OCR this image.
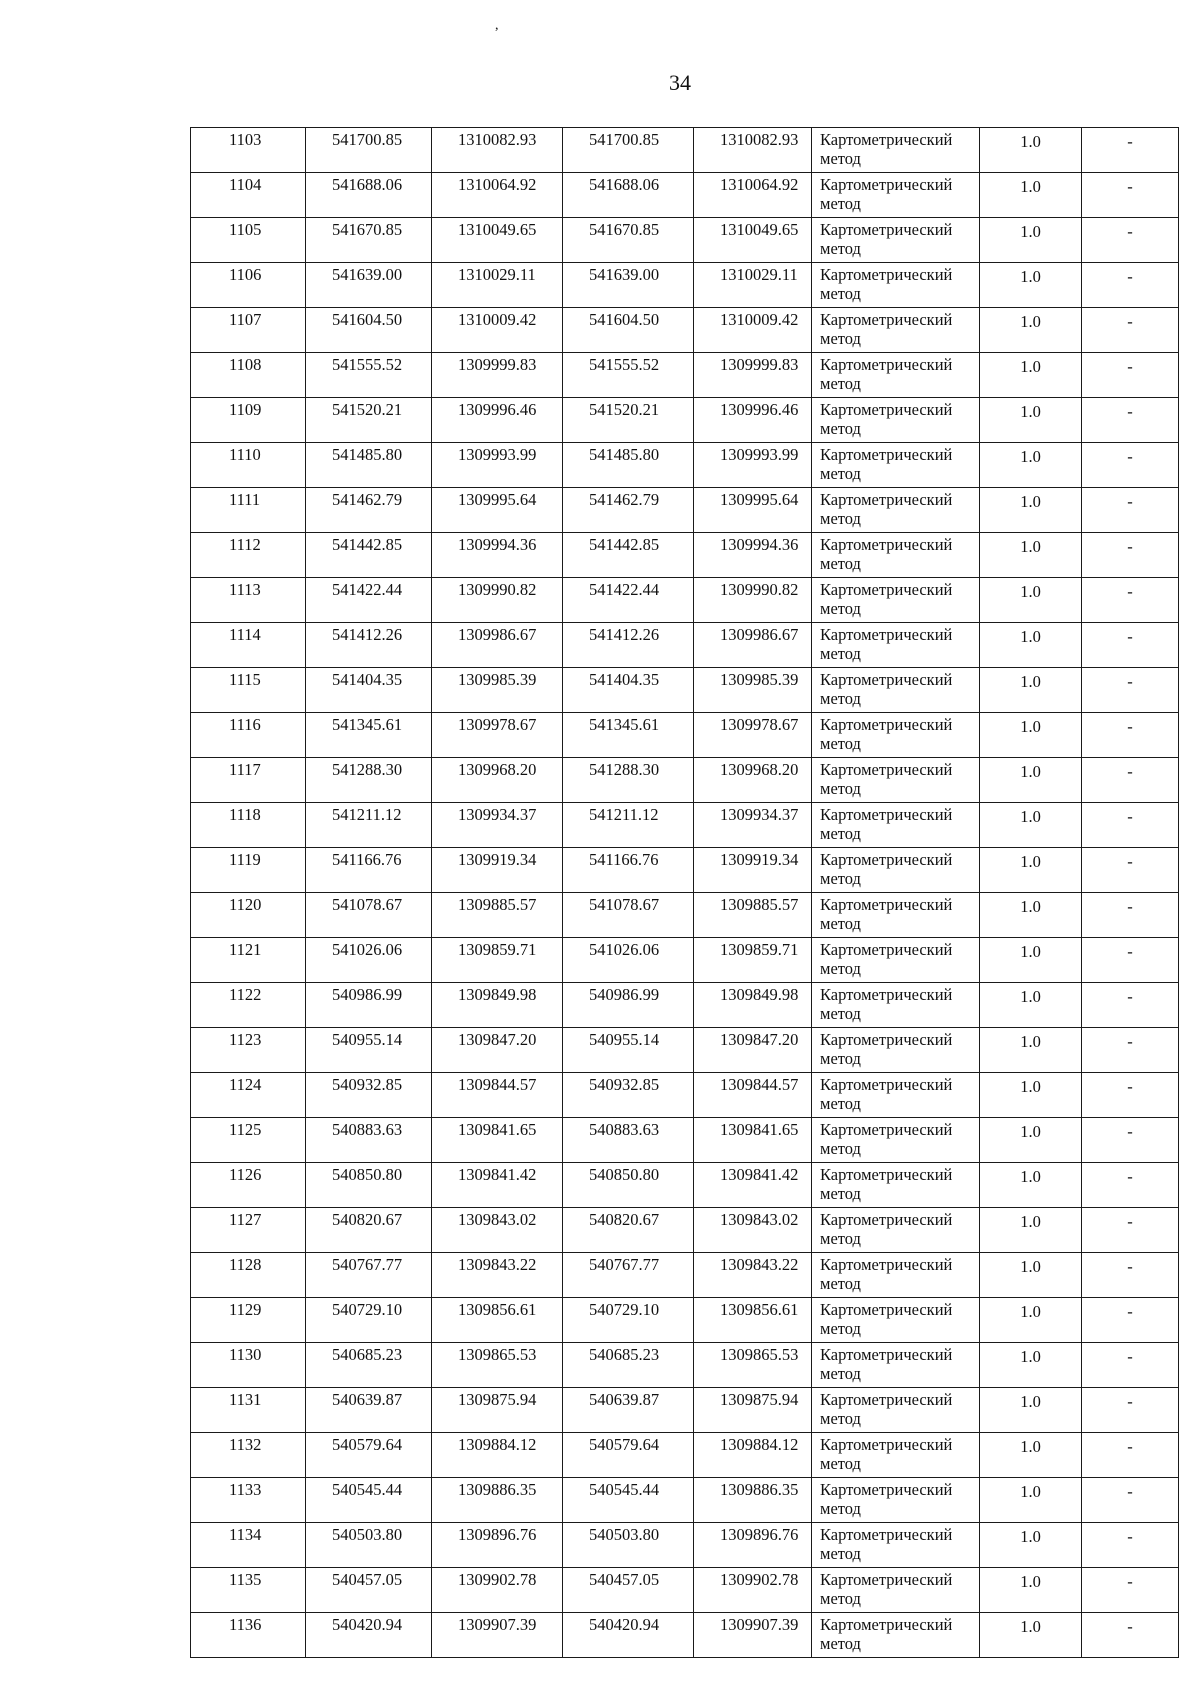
,
34
1103	541700.85	1310082.93	541700.85	1310082.93	Картометрический
метод	1.0	-
1104	541688.06	1310064.92	541688.06	1310064.92	Картометрический
метод	1.0	-
1105	541670.85	1310049.65	541670.85	1310049.65	Картометрический
метод	1.0	-
1106	541639.00	1310029.11	541639.00	1310029.11	Картометрический
метод	1.0	-
1107	541604.50	1310009.42	541604.50	1310009.42	Картометрический
метод	1.0	-
1108	541555.52	1309999.83	541555.52	1309999.83	Картометрический
метод	1.0	-
1109	541520.21	1309996.46	541520.21	1309996.46	Картометрический
метод	1.0	-
1110	541485.80	1309993.99	541485.80	1309993.99	Картометрический
метод	1.0	-
1111	541462.79	1309995.64	541462.79	1309995.64	Картометрический
метод	1.0	-
1112	541442.85	1309994.36	541442.85	1309994.36	Картометрический
метод	1.0	-
1113	541422.44	1309990.82	541422.44	1309990.82	Картометрический
метод	1.0	-
1114	541412.26	1309986.67	541412.26	1309986.67	Картометрический
метод	1.0	-
1115	541404.35	1309985.39	541404.35	1309985.39	Картометрический
метод	1.0	-
1116	541345.61	1309978.67	541345.61	1309978.67	Картометрический
метод	1.0	-
1117	541288.30	1309968.20	541288.30	1309968.20	Картометрический
метод	1.0	-
1118	541211.12	1309934.37	541211.12	1309934.37	Картометрический
метод	1.0	-
1119	541166.76	1309919.34	541166.76	1309919.34	Картометрический
метод	1.0	-
1120	541078.67	1309885.57	541078.67	1309885.57	Картометрический
метод	1.0	-
1121	541026.06	1309859.71	541026.06	1309859.71	Картометрический
метод	1.0	-
1122	540986.99	1309849.98	540986.99	1309849.98	Картометрический
метод	1.0	-
1123	540955.14	1309847.20	540955.14	1309847.20	Картометрический
метод	1.0	-
1124	540932.85	1309844.57	540932.85	1309844.57	Картометрический
метод	1.0	-
1125	540883.63	1309841.65	540883.63	1309841.65	Картометрический
метод	1.0	-
1126	540850.80	1309841.42	540850.80	1309841.42	Картометрический
метод	1.0	-
1127	540820.67	1309843.02	540820.67	1309843.02	Картометрический
метод	1.0	-
1128	540767.77	1309843.22	540767.77	1309843.22	Картометрический
метод	1.0	-
1129	540729.10	1309856.61	540729.10	1309856.61	Картометрический
метод	1.0	-
1130	540685.23	1309865.53	540685.23	1309865.53	Картометрический
метод	1.0	-
1131	540639.87	1309875.94	540639.87	1309875.94	Картометрический
метод	1.0	-
1132	540579.64	1309884.12	540579.64	1309884.12	Картометрический
метод	1.0	-
1133	540545.44	1309886.35	540545.44	1309886.35	Картометрический
метод	1.0	-
1134	540503.80	1309896.76	540503.80	1309896.76	Картометрический
метод	1.0	-
1135	540457.05	1309902.78	540457.05	1309902.78	Картометрический
метод	1.0	-
1136	540420.94	1309907.39	540420.94	1309907.39	Картометрический
метод	1.0	-
